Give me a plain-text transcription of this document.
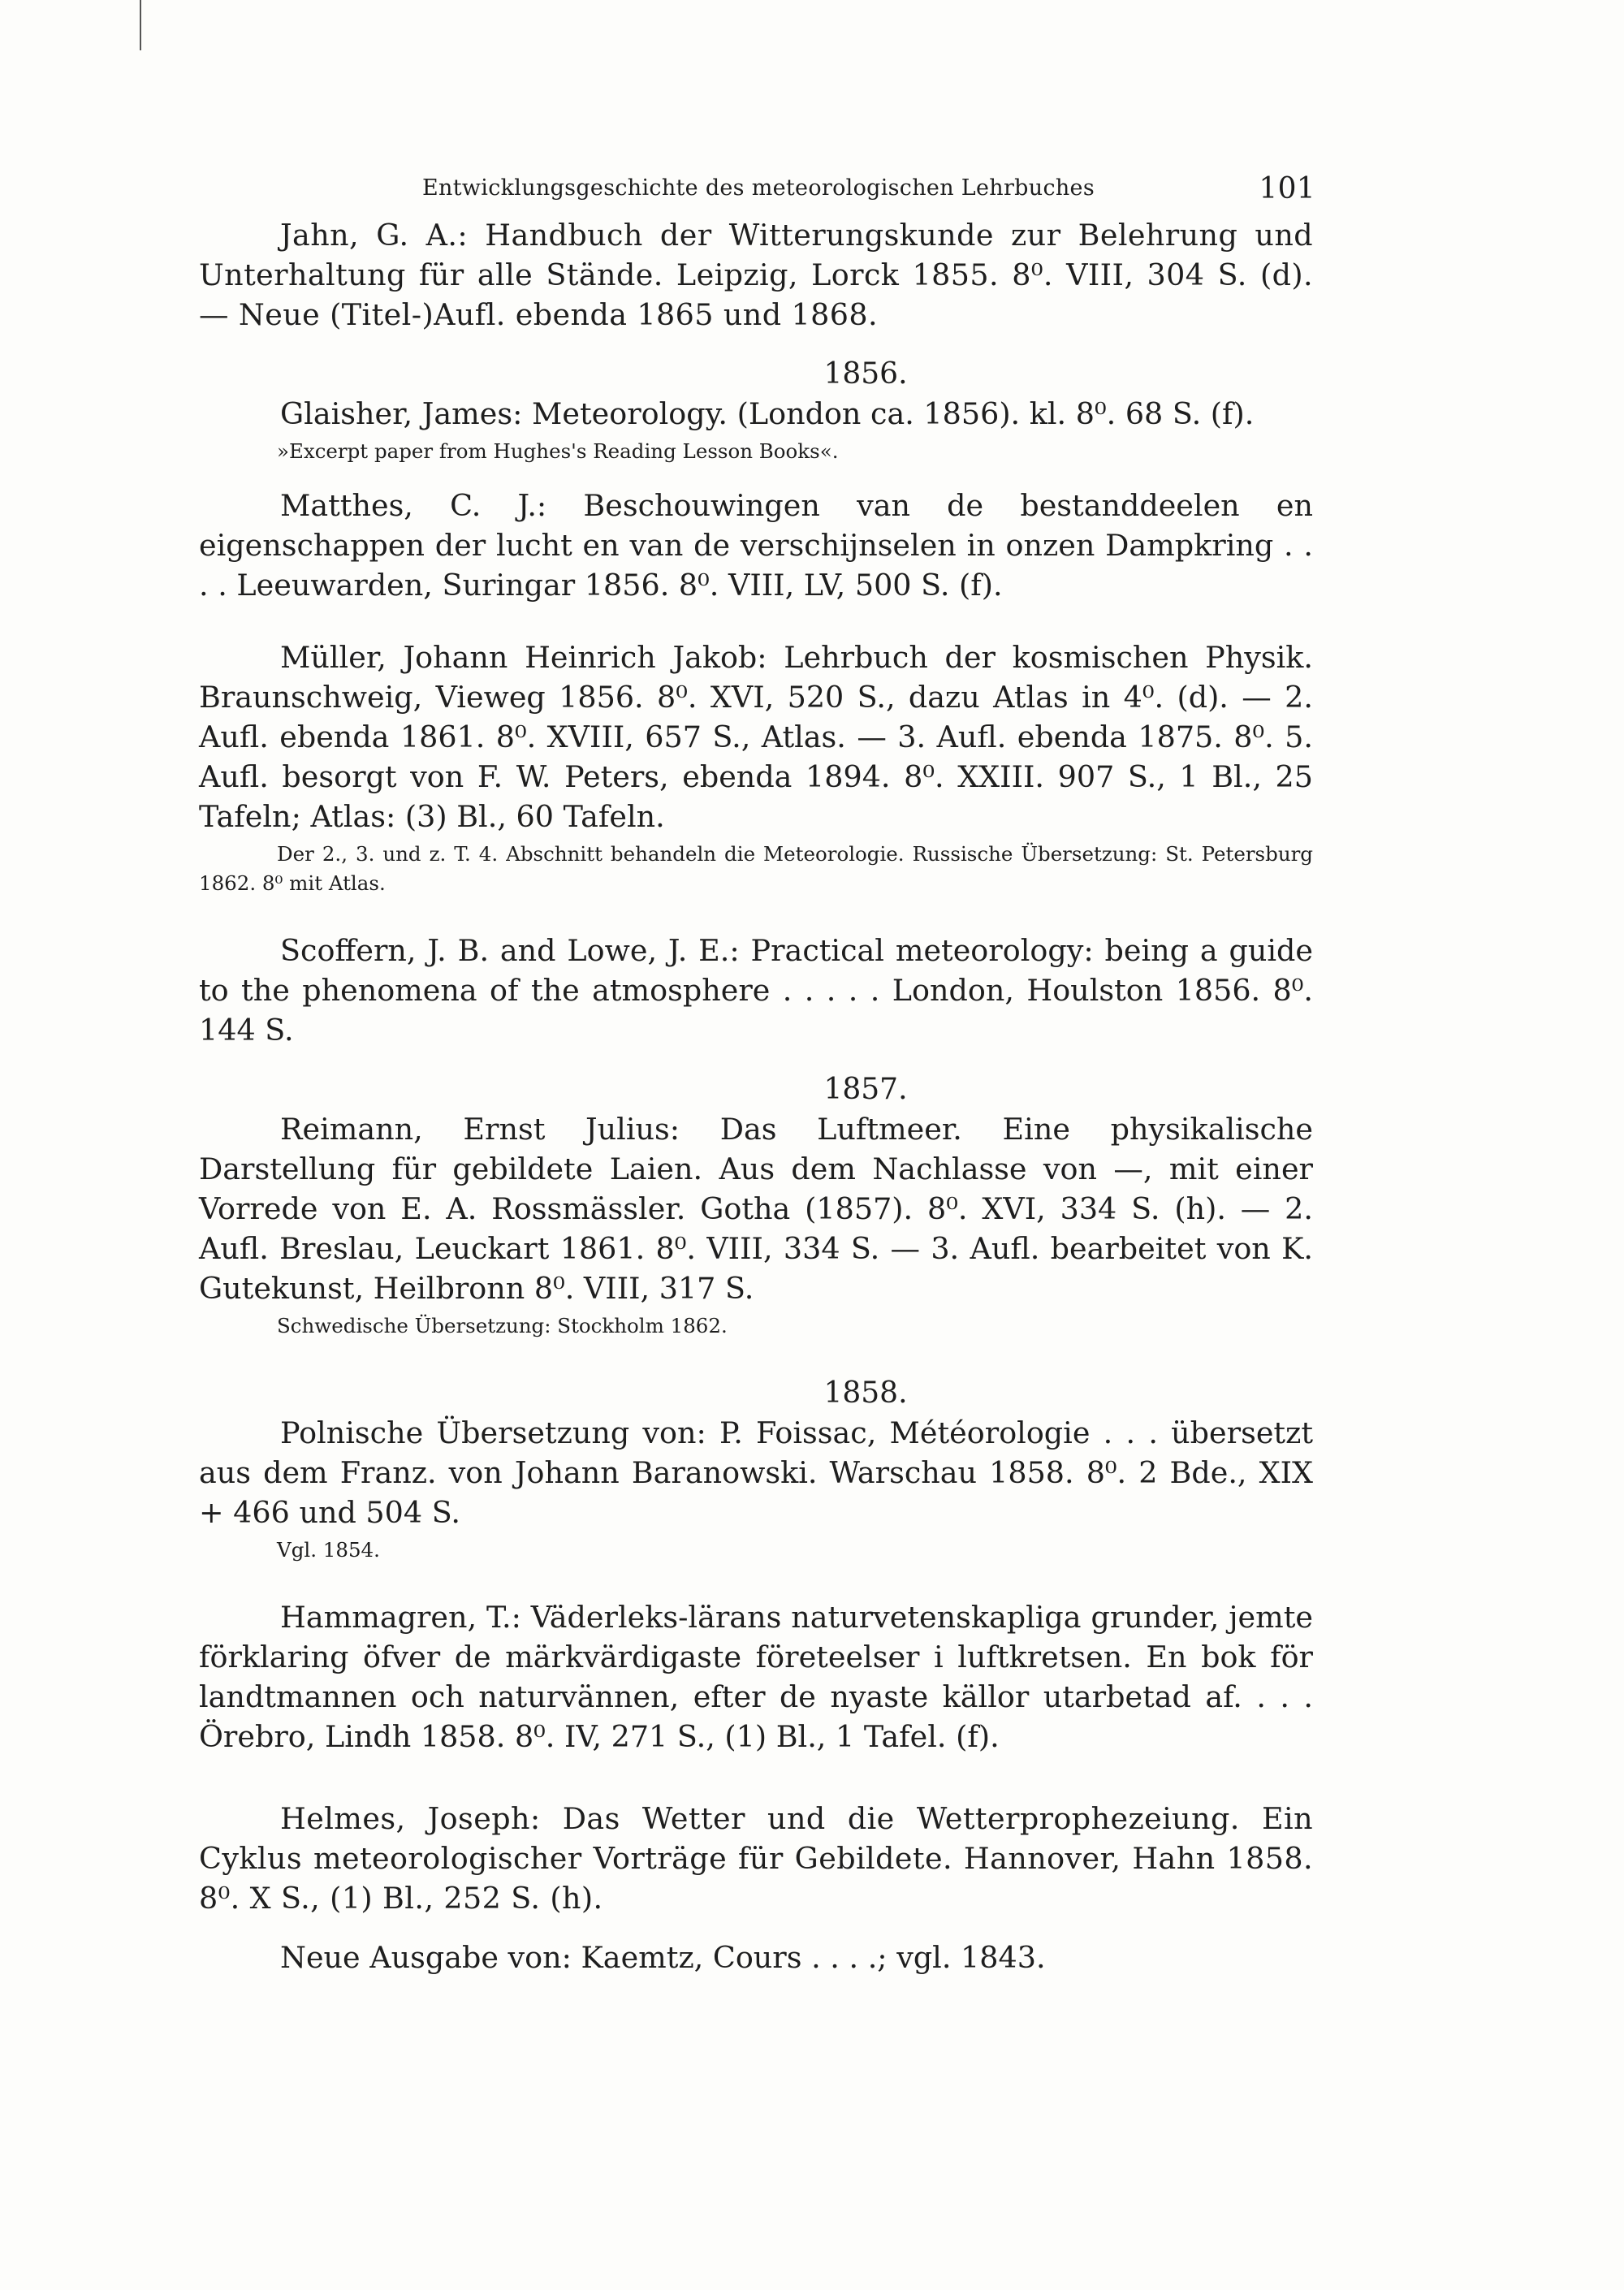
Entwicklungsgeschichte des meteorologischen Lehrbuches	101

Jahn, G. A.: Handbuch der Witterungskunde zur Belehrung und Unterhaltung für alle Stände. Leipzig, Lorck 1855. 8⁰. VIII, 304 S. (d). — Neue (Titel-)Aufl. ebenda 1865 und 1868.

1856.

Glaisher, James: Meteorology. (London ca. 1856). kl. 8⁰. 68 S. (f).

»Excerpt paper from Hughes's Reading Lesson Books«.

Matthes, C. J.: Beschouwingen van de bestanddeelen en eigenschappen der lucht en van de verschijnselen in onzen Dampkring . . . . Leeuwarden, Suringar 1856. 8⁰. VIII, LV, 500 S. (f).

Müller, Johann Heinrich Jakob: Lehrbuch der kosmischen Physik. Braunschweig, Vieweg 1856. 8⁰. XVI, 520 S., dazu Atlas in 4⁰. (d). — 2. Aufl. ebenda 1861. 8⁰. XVIII, 657 S., Atlas. — 3. Aufl. ebenda 1875. 8⁰. 5. Aufl. besorgt von F. W. Peters, ebenda 1894. 8⁰. XXIII. 907 S., 1 Bl., 25 Tafeln; Atlas: (3) Bl., 60 Tafeln.

Der 2., 3. und z. T. 4. Abschnitt behandeln die Meteorologie. Russische Übersetzung: St. Petersburg 1862. 8⁰ mit Atlas.

Scoffern, J. B. and Lowe, J. E.: Practical meteorology: being a guide to the phenomena of the atmosphere . . . . . London, Houlston 1856. 8⁰. 144 S.

1857.

Reimann, Ernst Julius: Das Luftmeer. Eine physikalische Darstellung für gebildete Laien. Aus dem Nachlasse von —, mit einer Vorrede von E. A. Rossmässler. Gotha (1857). 8⁰. XVI, 334 S. (h). — 2. Aufl. Breslau, Leuckart 1861. 8⁰. VIII, 334 S. — 3. Aufl. bearbeitet von K. Gutekunst, Heilbronn 8⁰. VIII, 317 S.

Schwedische Übersetzung: Stockholm 1862.

1858.

Polnische Übersetzung von: P. Foissac, Météorologie . . . übersetzt aus dem Franz. von Johann Baranowski. Warschau 1858. 8⁰. 2 Bde., XIX + 466 und 504 S.

Vgl. 1854.

Hammagren, T.: Väderleks-lärans naturvetenskapliga grunder, jemte förklaring öfver de märkvärdigaste företeelser i luftkretsen. En bok för landtmannen och naturvännen, efter de nyaste källor utarbetad af. . . . Örebro, Lindh 1858. 8⁰. IV, 271 S., (1) Bl., 1 Tafel. (f).

Helmes, Joseph: Das Wetter und die Wetterprophezeiung. Ein Cyklus meteorologischer Vorträge für Gebildete. Hannover, Hahn 1858. 8⁰. X S., (1) Bl., 252 S. (h).

Neue Ausgabe von: Kaemtz, Cours . . . .; vgl. 1843.
